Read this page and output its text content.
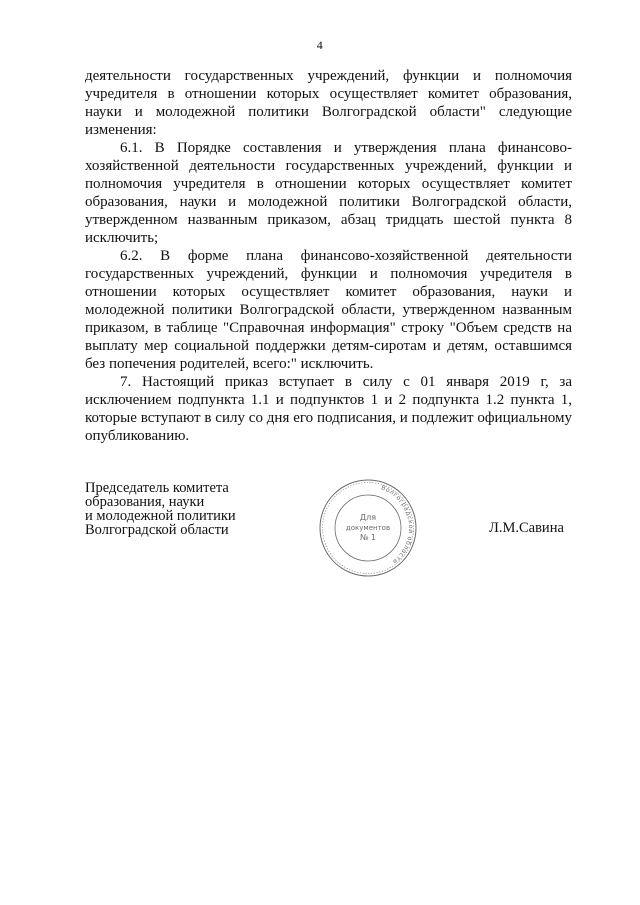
4

деятельности государственных учреждений, функции и полномочия учредителя в отношении которых осуществляет комитет образования, науки и молодежной политики Волгоградской области" следующие изменения:

6.1. В Порядке составления и утверждения плана финансово-хозяйственной деятельности государственных учреждений, функции и полномочия учредителя в отношении которых осуществляет комитет образования, науки и молодежной политики Волгоградской области, утвержденном названным приказом, абзац тридцать шестой пункта 8 исключить;

6.2. В форме плана финансово-хозяйственной деятельности государственных учреждений, функции и полномочия учредителя в отношении которых осуществляет комитет образования, науки и молодежной политики Волгоградской области, утвержденном названным приказом, в таблице "Справочная информация" строку "Объем средств на выплату мер социальной поддержки детям-сиротам и детям, оставшимся без попечения родителей, всего:" исключить.

7. Настоящий приказ вступает в силу с 01 января 2019 г, за исключением подпункта 1.1 и подпунктов 1 и 2 подпункта 1.2 пункта 1, которые вступают в силу со дня его подписания, и подлежит официальному опубликованию.

Председатель комитета
образования, науки
и молодежной политики
Волгоградской области
Волгоградской области
Для
документов
№ 1
Л.М.Савина
